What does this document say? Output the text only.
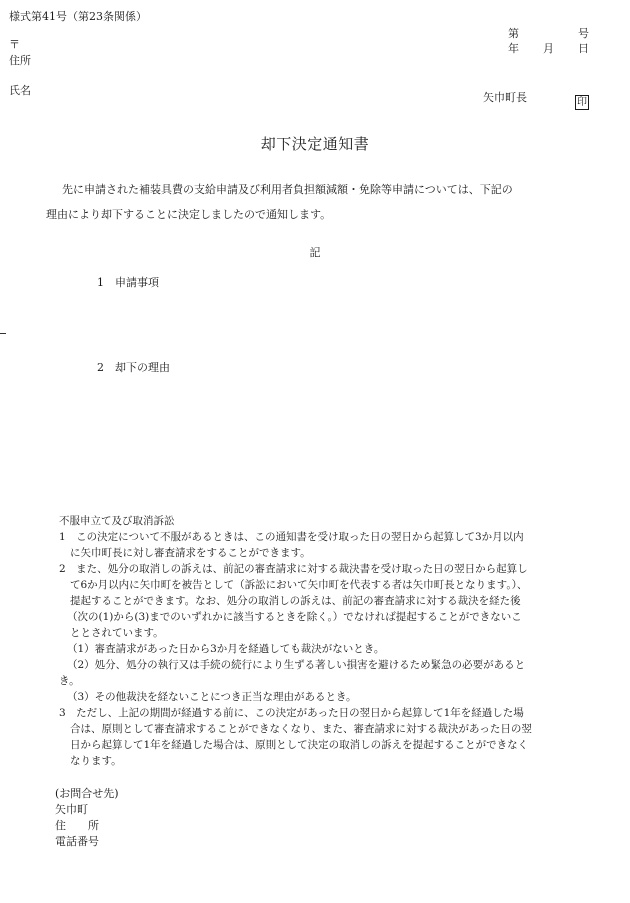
様式第41号（第23条関係）
〒
住所
氏名
第	号
年 月 日
矢巾町長	印
却下決定通知書
先に申請された補装具費の支給申請及び利用者負担額減額・免除等申請については、下記の
理由により却下することに決定しましたので通知します。
記
1　申請事項
2　却下の理由

不服申立て及び取消訴訟

1　この決定について不服があるときは、この通知書を受け取った日の翌日から起算して3か月以内

に矢巾町長に対し審査請求をすることができます。

2　また、処分の取消しの訴えは、前記の審査請求に対する裁決書を受け取った日の翌日から起算し

て6か月以内に矢巾町を被告として（訴訟において矢巾町を代表する者は矢巾町長となります。）、

提起することができます。なお、処分の取消しの訴えは、前記の審査請求に対する裁決を経た後

（次の(1)から(3)までのいずれかに該当するときを除く。）でなければ提起することができないこ

ととされています。

（1）審査請求があった日から3か月を経過しても裁決がないとき。

（2）処分、処分の執行又は手続の続行により生ずる著しい損害を避けるため緊急の必要があると

き。

（3）その他裁決を経ないことにつき正当な理由があるとき。

3　ただし、上記の期間が経過する前に、この決定があった日の翌日から起算して1年を経過した場

合は、原則として審査請求することができなくなり、また、審査請求に対する裁決があった日の翌

日から起算して1年を経過した場合は、原則として決定の取消しの訴えを提起することができなく

なります。

(お問合せ先)
矢巾町
住　　所
電話番号
